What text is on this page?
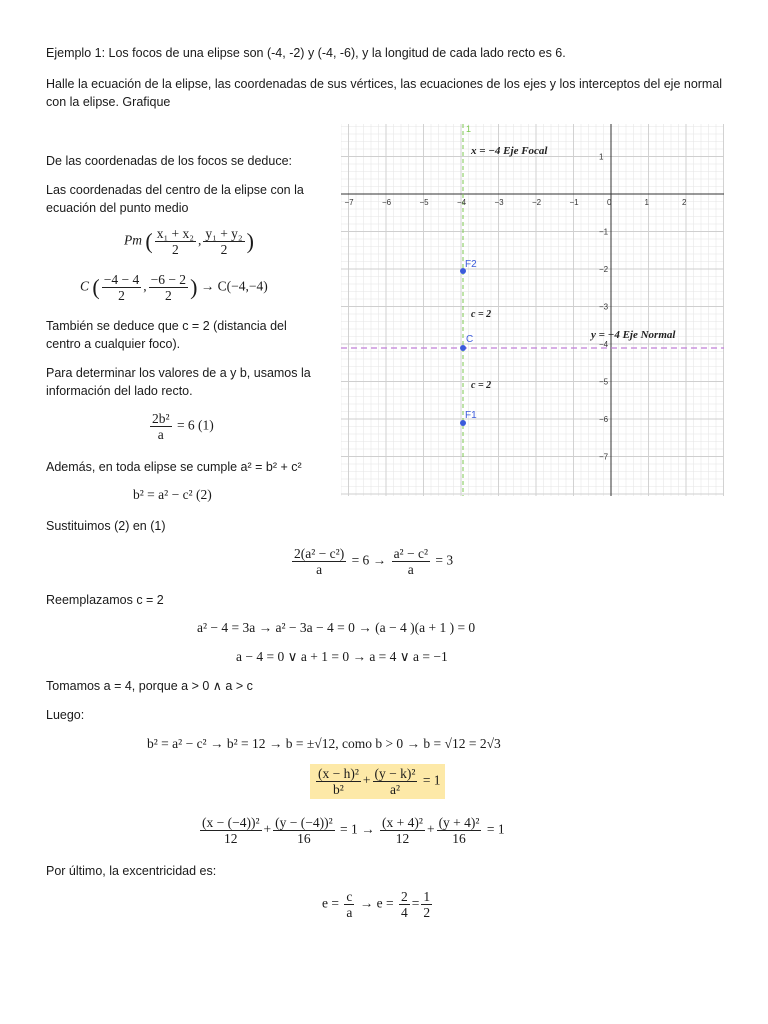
Ejemplo 1: Los focos de una elipse son (-4, -2) y (-4, -6), y la longitud de cada lado recto es 6.
Halle la ecuación de la elipse, las coordenadas de sus vértices, las ecuaciones de los ejes y los interceptos del eje normal
con la elipse. Grafique
De las coordenadas de los focos se deduce:
Las coordenadas del centro de la elipse con la
ecuación del punto medio
Pm ( $\frac{\text{x₁ + x₂}}{2}$ , $\frac{\text{y₁ + y₂}}{2}$ )
C ( $\frac{-4 - 4}{2}$ , $\frac{-6 - 2}{2}$ ) → C(−4,−4)
También se deduce que c = 2 (distancia del
centro a cualquier foco).
Para determinar los valores de a y b, usamos la
información del lado recto.
$\frac{\text{2b²}}{a} = 6$ (1)
Además, en toda elipse se cumple a² = b² + c²
b² = a² − c² (2)
−7	−6	−5	−4	−3	−2	−1	0	1	2
1
−1
−2
−3
−4
−5
−6
−7
1
x = −4 Eje Focal
y = −4 Eje Normal
c = 2
c = 2
F2
C
F1
Sustituimos (2) en (1)
$\frac{\text{2(a² − c²)}}{a} = 6 \to \frac{\text{a² − c²}}{a} = 3$
Reemplazamos c = 2
a² − 4 = 3a → a² − 3a − 4 = 0 → (a − 4 )(a + 1 ) = 0
a − 4 = 0 ∨ a + 1 = 0 → a = 4 ∨ a = −1
Tomamos a = 4, porque a > 0 ∧ a > c
Luego:
b² = a² − c² → b² = 12 → b = ±√12, como b > 0 → b = √12 = 2√3
$\frac{\text{(x − h)²}}{\text{b²}} + \frac{\text{(y − k)²}}{\text{a²}} = 1$
$\frac{\text{(x − (−4))²}}{12} + \frac{\text{(y − (−4))²}}{16} = 1 \to \frac{\text{(x + 4)²}}{12} + \frac{\text{(y + 4)²}}{16} = 1$
Por último, la excentricidad es:
$e = \frac{c}{a} \to e = \frac{2}{4} = \frac{1}{2}$
